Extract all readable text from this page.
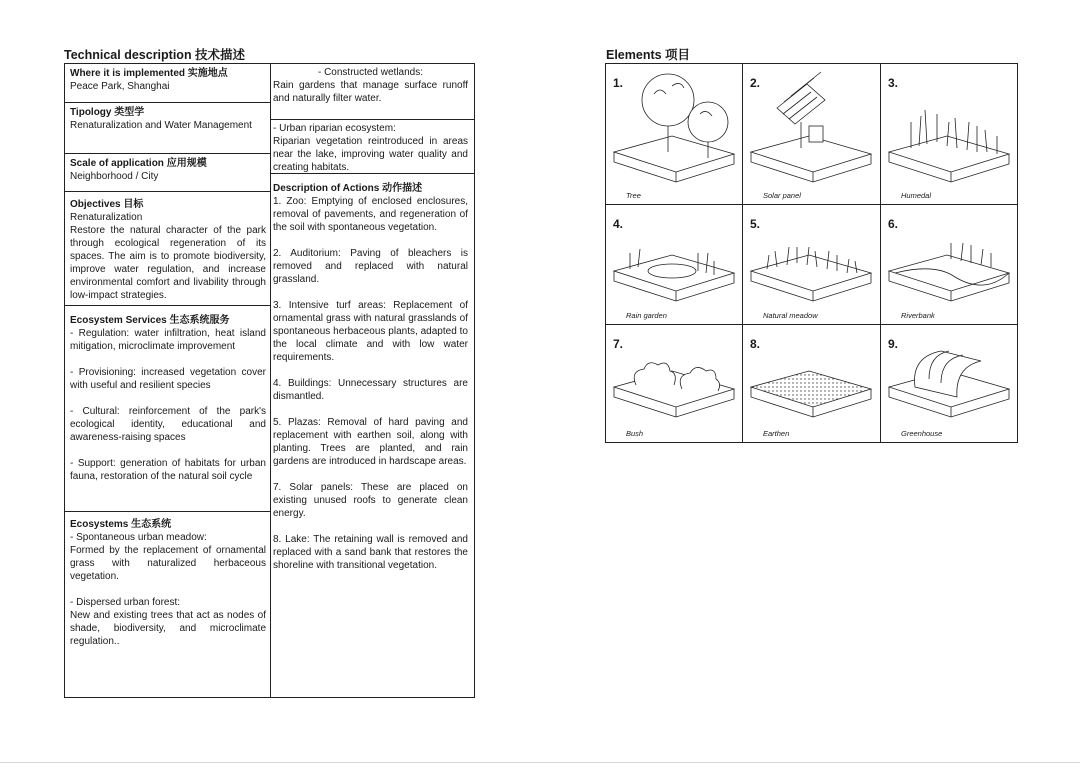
Technical description 技术描述	Elements 项目
Where it is implemented 实施地点
Peace Park, Shanghai
Tipology 类型学
Renaturalization and Water Management
Scale of application 应用规模
Neighborhood / City
Objectives 目标
Renaturalization
Restore the natural character of the park through ecological regeneration of its spaces. The aim is to promote biodiversity, improve water regulation, and increase environmental comfort and livability through low-impact strategies.
Ecosystem Services 生态系统服务
- Regulation: water infiltration, heat island mitigation, microclimate improvement
- Provisioning: increased vegetation cover with useful and resilient species
- Cultural: reinforcement of the park's ecological identity, educational and awareness-raising spaces
- Support: generation of habitats for urban fauna, restoration of the natural soil cycle
Ecosystems 生态系统
- Spontaneous urban meadow:
Formed by the replacement of ornamental grass with naturalized herbaceous vegetation.
- Dispersed urban forest:
New and existing trees that act as nodes of shade, biodiversity, and microclimate regulation..
- Constructed wetlands:
Rain gardens that manage surface runoff and naturally filter water.
- Urban riparian ecosystem:
Riparian vegetation reintroduced in areas near the lake, improving water quality and creating habitats.
Description of Actions 动作描述
1. Zoo: Emptying of enclosed enclosures, removal of pavements, and regeneration of the soil with spontaneous vegetation.
2. Auditorium: Paving of bleachers is removed and replaced with natural grassland.
3. Intensive turf areas: Replacement of ornamental grass with natural grasslands of spontaneous herbaceous plants, adapted to the local climate and with low water requirements.
4. Buildings: Unnecessary structures are dismantled.
5. Plazas: Removal of hard paving and replacement with earthen soil, along with planting. Trees are planted, and rain gardens are introduced in hardscape areas.
7. Solar panels: These are placed on existing unused roofs to generate clean energy.
8. Lake: The retaining wall is removed and replaced with a sand bank that restores the shoreline with transitional vegetation.
1.
Tree
2.
Solar panel
3.
Humedal
4.
Rain garden
5.
Natural meadow
6.
Riverbank
7.
Bush
8.
Earthen
9.
Greenhouse
